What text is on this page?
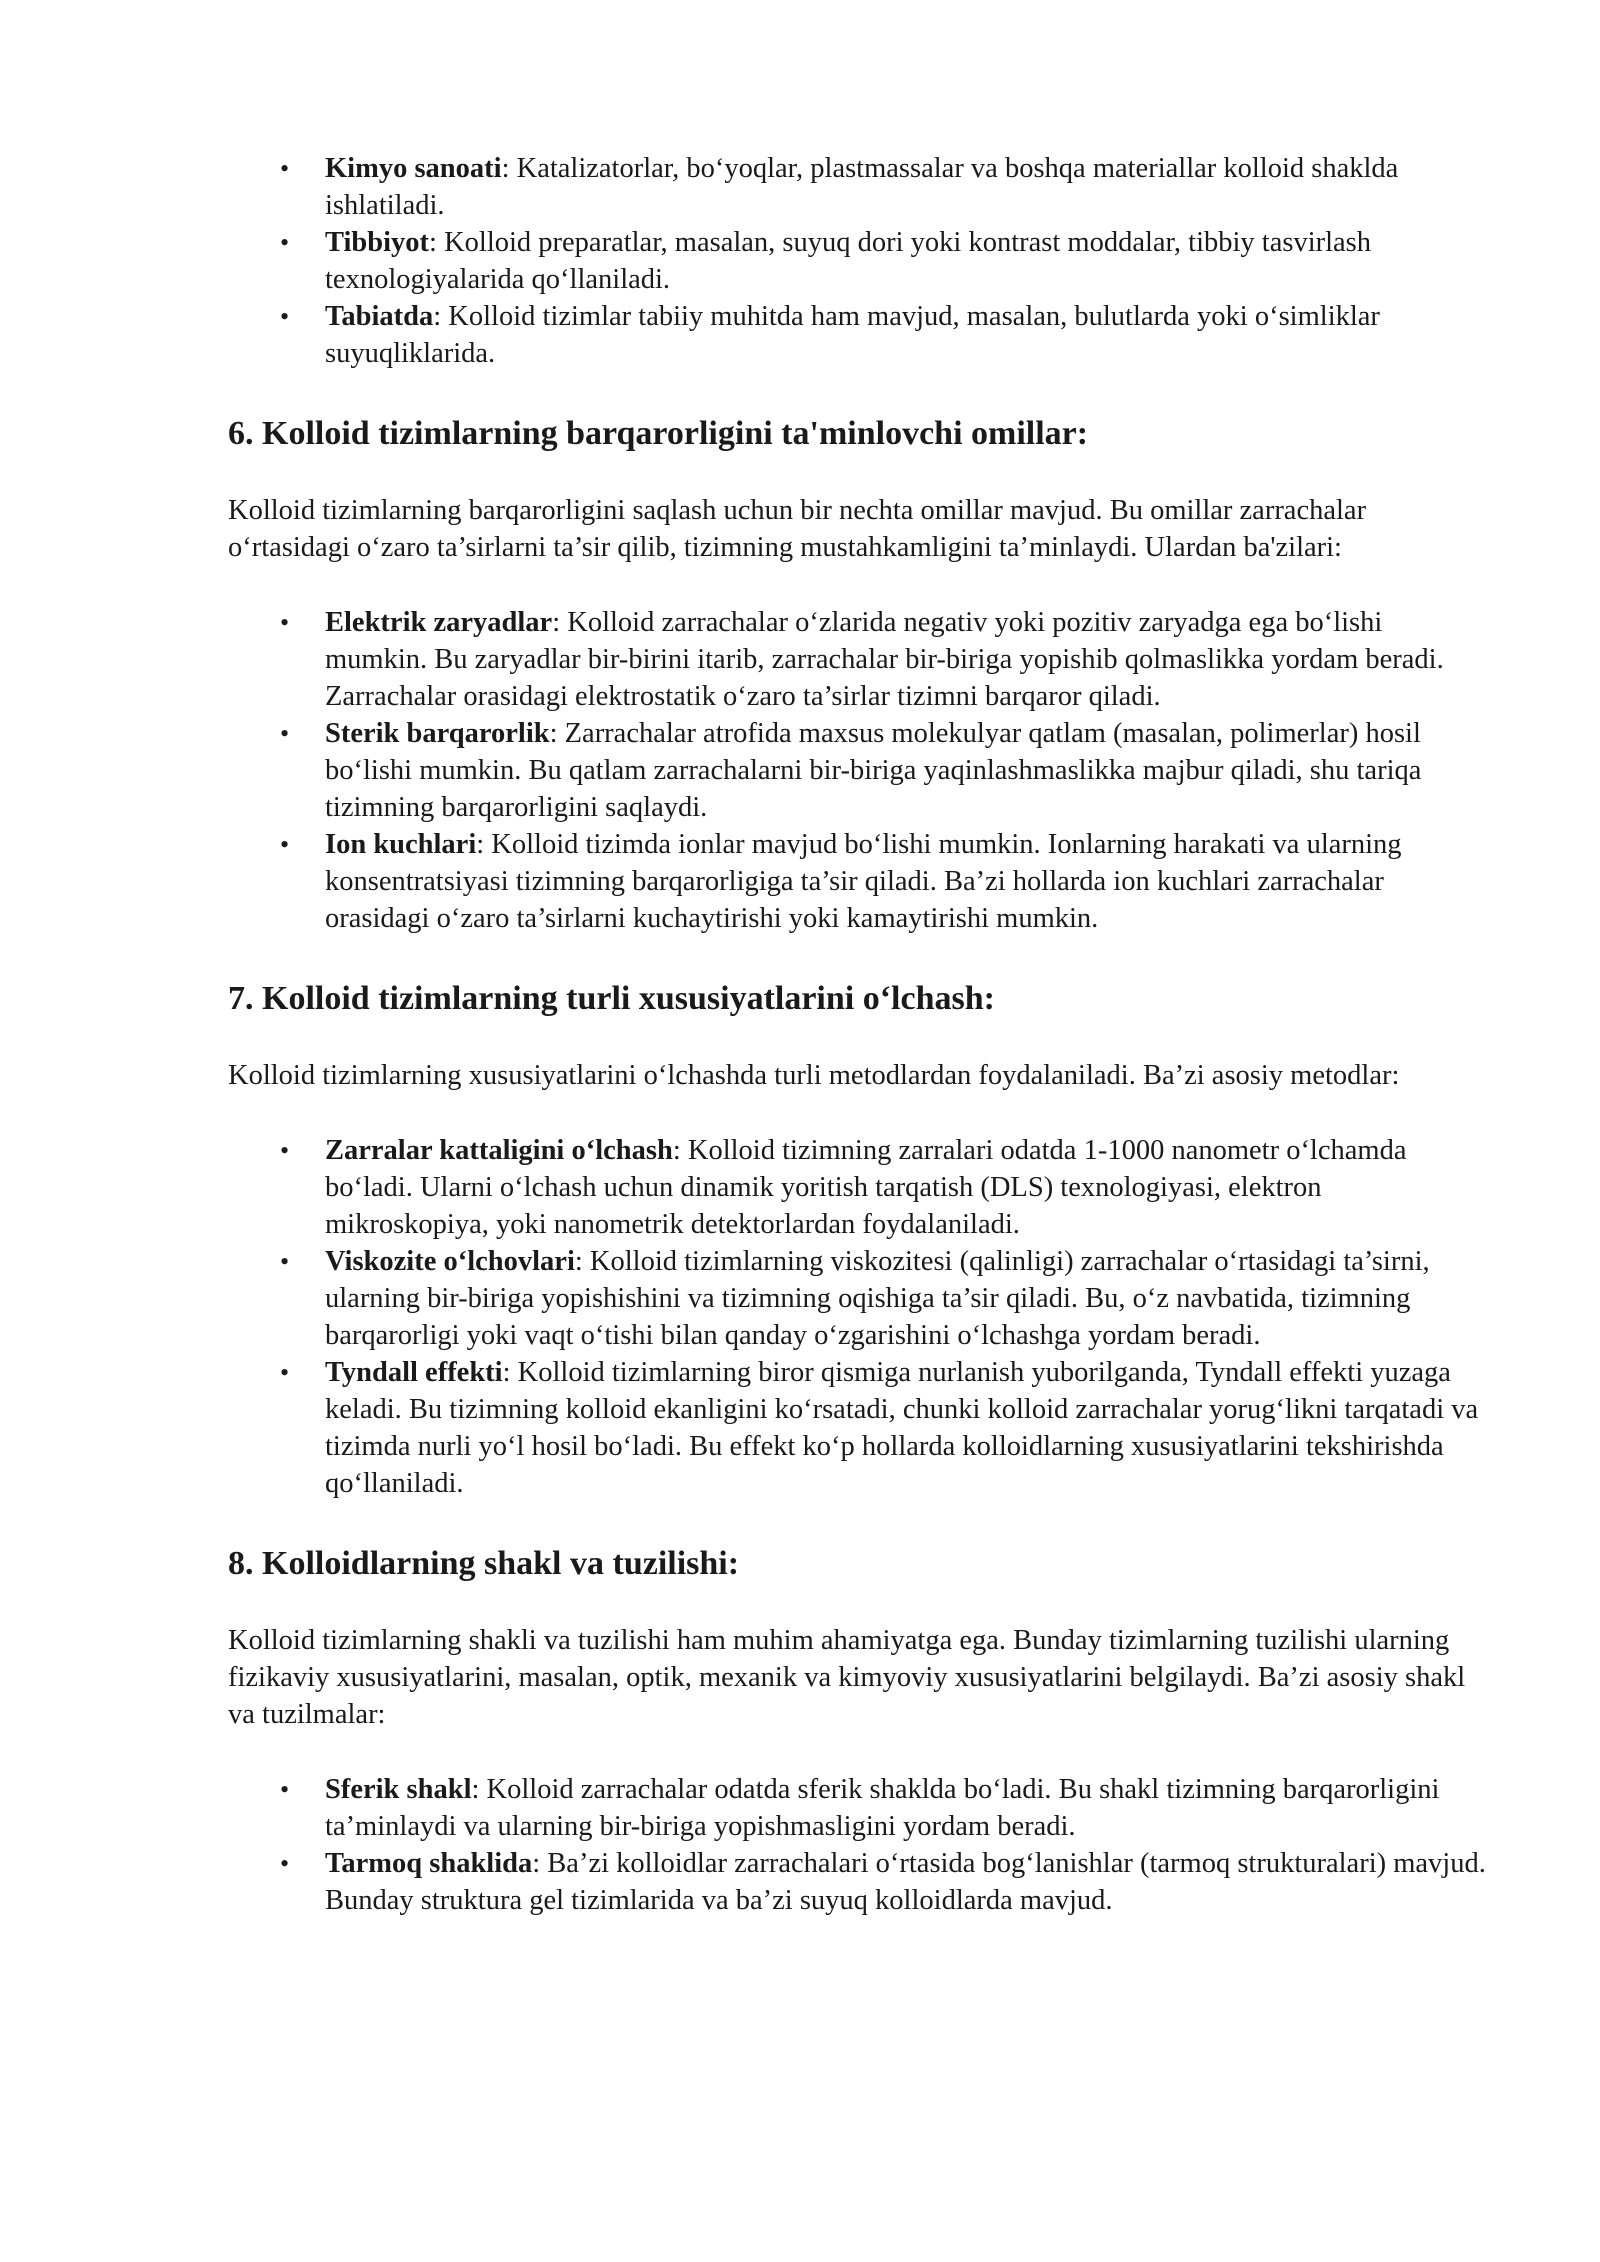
• Kimyo sanoati: Katalizatorlar, bo‘yoqlar, plastmassalar va boshqa materiallar kolloid shaklda ishlatiladi.
• Tibbiyot: Kolloid preparatlar, masalan, suyuq dori yoki kontrast moddalar, tibbiy tasvirlash texnologiyalarida qo‘llaniladi.
• Tabiatda: Kolloid tizimlar tabiiy muhitda ham mavjud, masalan, bulutlarda yoki o‘simliklar suyuqliklarida.
6. Kolloid tizimlarning barqarorligini ta'minlovchi omillar:

Kolloid tizimlarning barqarorligini saqlash uchun bir nechta omillar mavjud. Bu omillar zarrachalar o‘rtasidagi o‘zaro ta’sirlarni ta’sir qilib, tizimning mustahkamligini ta’minlaydi. Ulardan ba'zilari:

• Elektrik zaryadlar: Kolloid zarrachalar o‘zlarida negativ yoki pozitiv zaryadga ega bo‘lishi mumkin. Bu zaryadlar bir-birini itarib, zarrachalar bir-biriga yopishib qolmaslikka yordam beradi. Zarrachalar orasidagi elektrostatik o‘zaro ta’sirlar tizimni barqaror qiladi.
• Sterik barqarorlik: Zarrachalar atrofida maxsus molekulyar qatlam (masalan, polimerlar) hosil bo‘lishi mumkin. Bu qatlam zarrachalarni bir-biriga yaqinlashmaslikka majbur qiladi, shu tariqa tizimning barqarorligini saqlaydi.
• Ion kuchlari: Kolloid tizimda ionlar mavjud bo‘lishi mumkin. Ionlarning harakati va ularning konsentratsiyasi tizimning barqarorligiga ta’sir qiladi. Ba’zi hollarda ion kuchlari zarrachalar orasidagi o‘zaro ta’sirlarni kuchaytirishi yoki kamaytirishi mumkin.
7. Kolloid tizimlarning turli xususiyatlarini o‘lchash:

Kolloid tizimlarning xususiyatlarini o‘lchashda turli metodlardan foydalaniladi. Ba’zi asosiy metodlar:

• Zarralar kattaligini o‘lchash: Kolloid tizimning zarralari odatda 1-1000 nanometr o‘lchamda bo‘ladi. Ularni o‘lchash uchun dinamik yoritish tarqatish (DLS) texnologiyasi, elektron mikroskopiya, yoki nanometrik detektorlardan foydalaniladi.
• Viskozite o‘lchovlari: Kolloid tizimlarning viskozitesi (qalinligi) zarrachalar o‘rtasidagi ta’sirni, ularning bir-biriga yopishishini va tizimning oqishiga ta’sir qiladi. Bu, o‘z navbatida, tizimning barqarorligi yoki vaqt o‘tishi bilan qanday o‘zgarishini o‘lchashga yordam beradi.
• Tyndall effekti: Kolloid tizimlarning biror qismiga nurlanish yuborilganda, Tyndall effekti yuzaga keladi. Bu tizimning kolloid ekanligini ko‘rsatadi, chunki kolloid zarrachalar yorug‘likni tarqatadi va tizimda nurli yo‘l hosil bo‘ladi. Bu effekt ko‘p hollarda kolloidlarning xususiyatlarini tekshirishda qo‘llaniladi.
8. Kolloidlarning shakl va tuzilishi:

Kolloid tizimlarning shakli va tuzilishi ham muhim ahamiyatga ega. Bunday tizimlarning tuzilishi ularning fizikaviy xususiyatlarini, masalan, optik, mexanik va kimyoviy xususiyatlarini belgilaydi. Ba’zi asosiy shakl va tuzilmalar:

• Sferik shakl: Kolloid zarrachalar odatda sferik shaklda bo‘ladi. Bu shakl tizimning barqarorligini ta’minlaydi va ularning bir-biriga yopishmasligini yordam beradi.
• Tarmoq shaklida: Ba’zi kolloidlar zarrachalari o‘rtasida bog‘lanishlar (tarmoq strukturalari) mavjud. Bunday struktura gel tizimlarida va ba’zi suyuq kolloidlarda mavjud.
